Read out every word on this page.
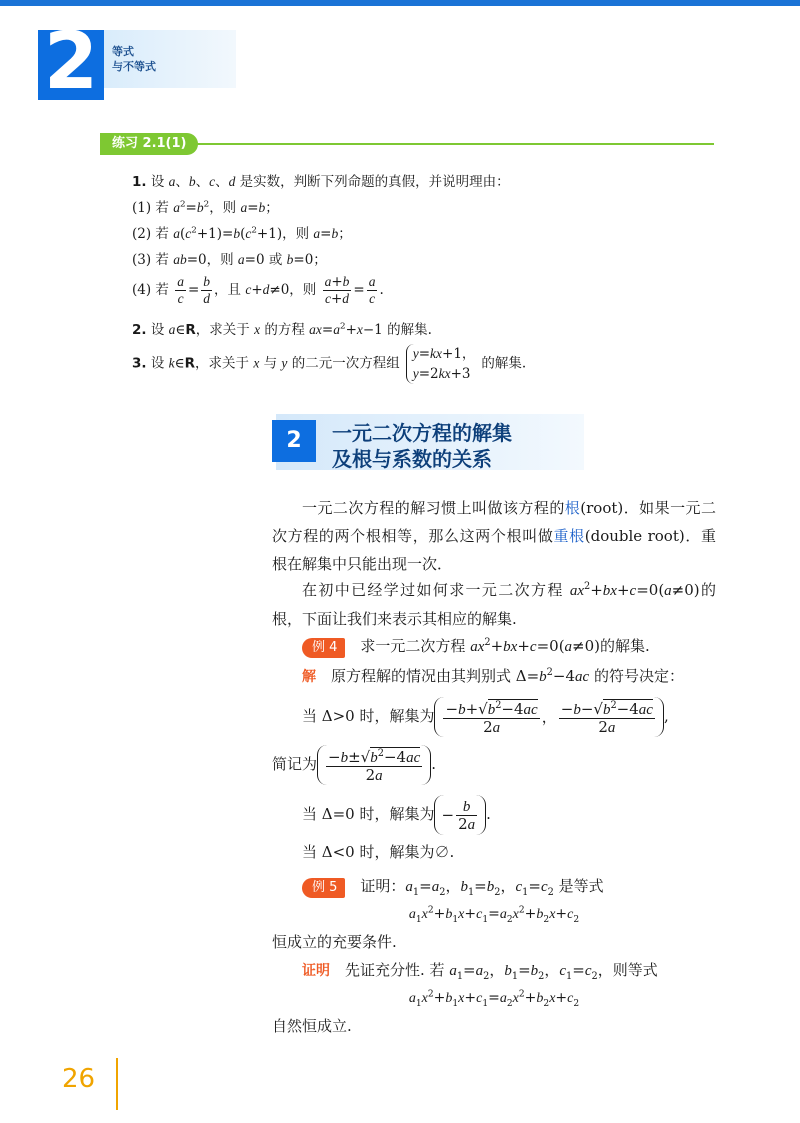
2	等式
与不等式
练习 2.1(1)
1. 设 a、b、c、d 是实数，判断下列命题的真假，并说明理由：
(1) 若 $a^2=b^2$，则 a=b；
(2) 若 $a(c^2+1)=b(c^2+1)$，则 a=b；
(3) 若 ab=0，则 a=0 或 b=0；
(4) 若 $\frac{a}{c} = \frac{b}{d}$ ，且 c+d≠0，则 $\frac{a+b}{c+d} = \frac{a}{c}$ .
2. 设 a∈R，求关于 x 的方程 $ax=a^2+x-1$ 的解集.
3. 设 k∈R，求关于 x 与 y 的二元一次方程组
y=kx+1，
y=2kx+3
的解集.
2	一元二次方程的解集
及根与系数的关系
一元二次方程的解习惯上叫做该方程的根(root)．如果一元二次方程的两个根相等，那么这两个根叫做重根(double root)．重根在解集中只能出现一次．
在初中已经学过如何求一元二次方程 $ax^2+bx+c=0(a\ne 0)$的根，下面让我们来表示其相应的解集.
例 4　求一元二次方程 $ax^2+bx+c=0(a\ne 0)$的解集.
解　原方程解的情况由其判别式 $\Delta=b^2-4ac$ 的符号决定：
当 Δ>0 时，解集为 $\frac{-b+√b^2-4ac}{2a}$ ， $\frac{-b-√b^2-4ac}{2a}$ ,
简记为 $\frac{-b\pm√b^2-4ac}{2a}$ .
当 Δ=0 时，解集为 − $\frac{b}{2a}$ .
当 Δ<0 时，解集为∅.
例 5　证明：$a_1=a_2$，$b_1=b_2$，$c_1=c_2$ 是等式
$a_1x^2+b_1x+c_1=a_2x^2+b_2x+c_2$
恒成立的充要条件.
证明　先证充分性. 若 $a_1=a_2$，$b_1=b_2$，$c_1=c_2$，则等式
$a_1x^2+b_1x+c_1=a_2x^2+b_2x+c_2$
自然恒成立.
26
